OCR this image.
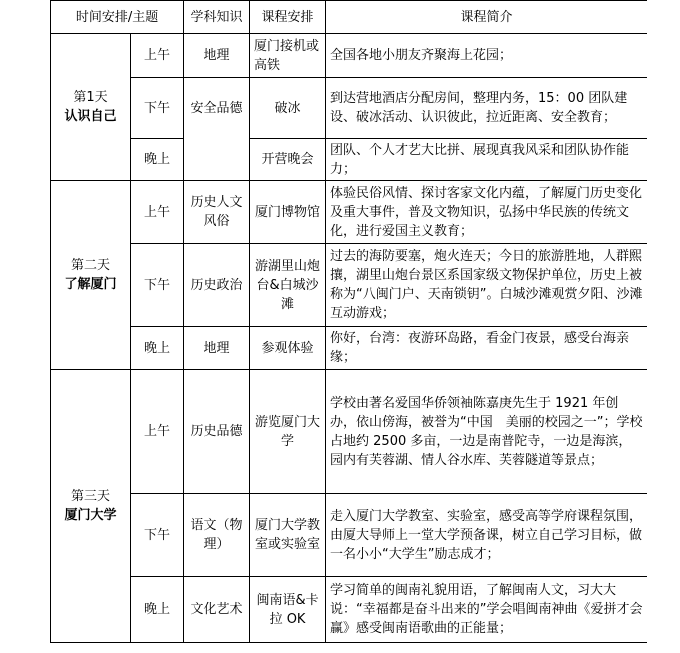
时间安排/主题		学科知识	课程安排	课程简介

第1天
认识自己	上午	地理	厦门接机或高铁	全国各地小朋友齐聚海上花园；
	下午	安全品德	破冰	到达营地酒店分配房间，整理内务，15：00 团队建设、破冰活动、认识彼此，拉近距离、安全教育；
	晚上		开营晚会	团队、个人才艺大比拼、展现真我风采和团队协作能力；

第二天
了解厦门	上午	历史人文风俗	厦门博物馆	体验民俗风情、探讨客家文化内蕴，了解厦门历史变化及重大事件，普及文物知识，弘扬中华民族的传统文化，进行爱国主义教育；
	下午	历史政治	游湖里山炮台&白城沙滩	过去的海防要塞，炮火连天；今日的旅游胜地，人群熙攘，湖里山炮台景区系国家级文物保护单位，历史上被称为“八闽门户、天南锁钥”。白城沙滩观赏夕阳、沙滩互动游戏；
	晚上	地理	参观体验	你好，台湾：夜游环岛路，看金门夜景，感受台海亲缘；

第三天
厦门大学	上午	历史品德	游览厦门大学	学校由著名爱国华侨领袖陈嘉庚先生于 1921 年创办，依山傍海，被誉为“中国　美丽的校园之一”；学校占地约 2500 多亩，一边是南普陀寺，一边是海滨，园内有芙蓉湖、情人谷水库、芙蓉隧道等景点；
	下午	语文（物理）	厦门大学教室或实验室	走入厦门大学教室、实验室，感受高等学府课程氛围，由厦大导师上一堂大学预备课，树立自己学习目标，做一名小小“大学生”励志成才；
	晚上	文化艺术	闽南语&卡拉 OK	学习简单的闽南礼貌用语，了解闽南人文，习大大说：“幸福都是奋斗出来的”学会唱闽南神曲《爱拼才会赢》感受闽南语歌曲的正能量；
